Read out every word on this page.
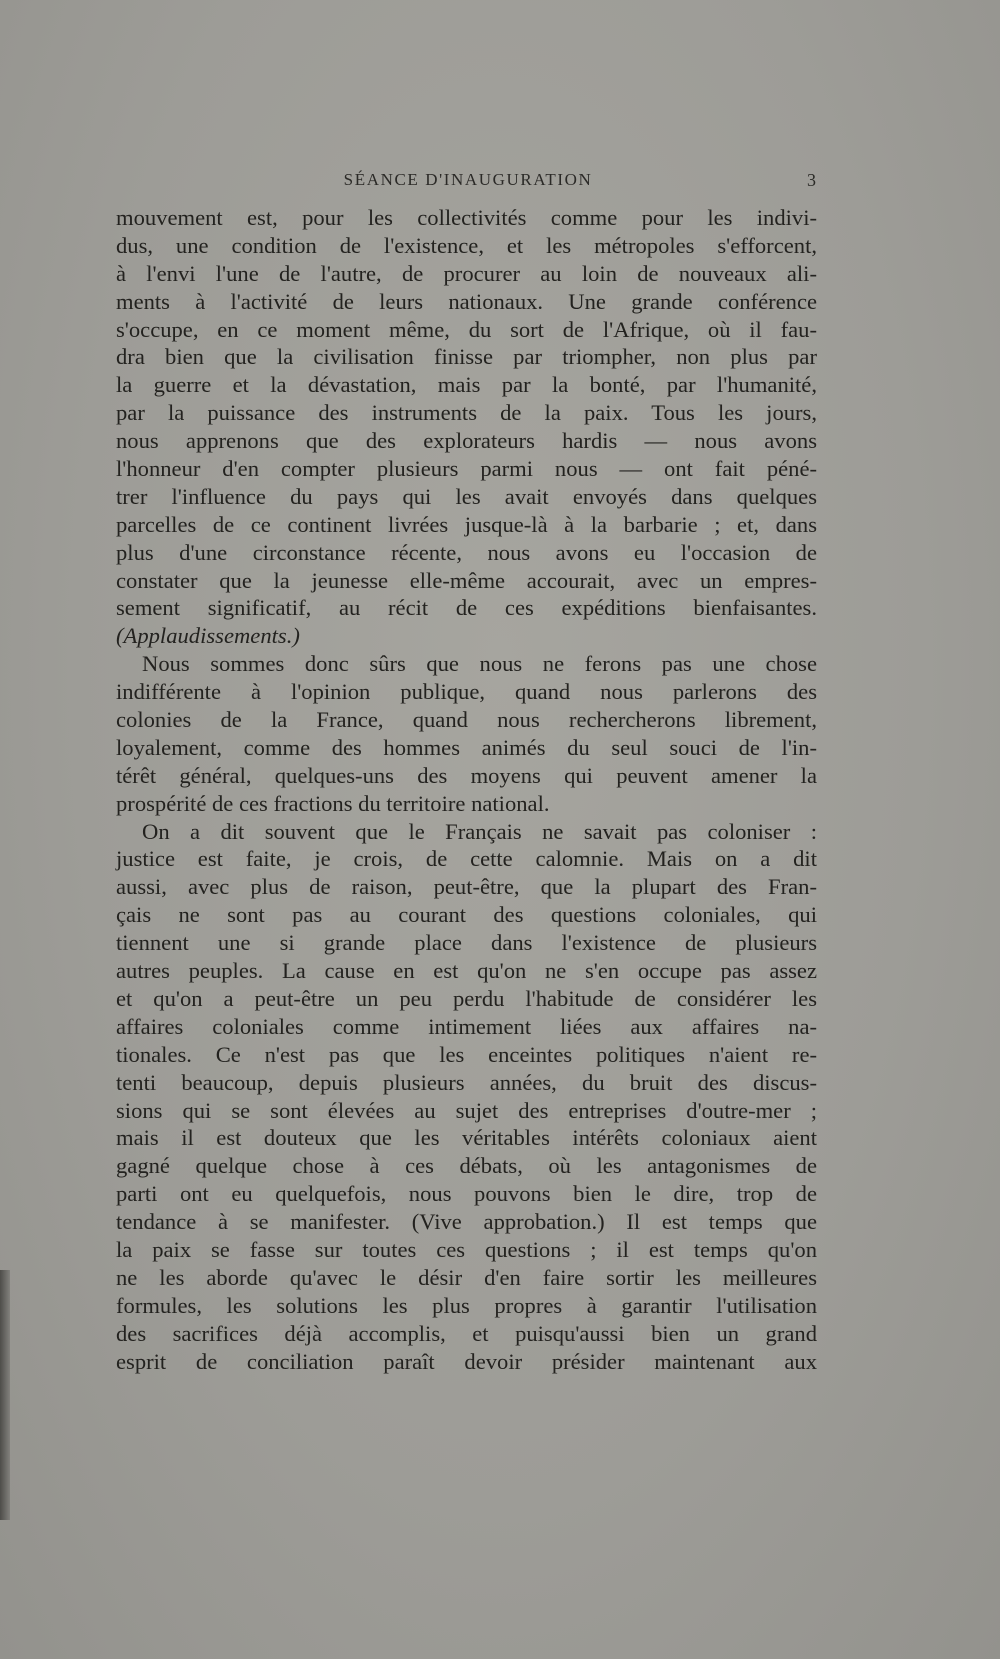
SÉANCE D'INAUGURATION	3
mouvement est, pour les collectivités comme pour les indivi-
dus, une condition de l'existence, et les métropoles s'efforcent,
à l'envi l'une de l'autre, de procurer au loin de nouveaux ali-
ments à l'activité de leurs nationaux. Une grande conférence
s'occupe, en ce moment même, du sort de l'Afrique, où il fau-
dra bien que la civilisation finisse par triompher, non plus par
la guerre et la dévastation, mais par la bonté, par l'humanité,
par la puissance des instruments de la paix. Tous les jours,
nous apprenons que des explorateurs hardis — nous avons
l'honneur d'en compter plusieurs parmi nous — ont fait péné-
trer l'influence du pays qui les avait envoyés dans quelques
parcelles de ce continent livrées jusque-là à la barbarie ; et, dans
plus d'une circonstance récente, nous avons eu l'occasion de
constater que la jeunesse elle-même accourait, avec un empres-
sement significatif, au récit de ces expéditions bienfaisantes.
(Applaudissements.)
Nous sommes donc sûrs que nous ne ferons pas une chose
indifférente à l'opinion publique, quand nous parlerons des
colonies de la France, quand nous rechercherons librement,
loyalement, comme des hommes animés du seul souci de l'in-
térêt général, quelques-uns des moyens qui peuvent amener la
prospérité de ces fractions du territoire national.
On a dit souvent que le Français ne savait pas coloniser :
justice est faite, je crois, de cette calomnie. Mais on a dit
aussi, avec plus de raison, peut-être, que la plupart des Fran-
çais ne sont pas au courant des questions coloniales, qui
tiennent une si grande place dans l'existence de plusieurs
autres peuples. La cause en est qu'on ne s'en occupe pas assez
et qu'on a peut-être un peu perdu l'habitude de considérer les
affaires coloniales comme intimement liées aux affaires na-
tionales. Ce n'est pas que les enceintes politiques n'aient re-
tenti beaucoup, depuis plusieurs années, du bruit des discus-
sions qui se sont élevées au sujet des entreprises d'outre-mer ;
mais il est douteux que les véritables intérêts coloniaux aient
gagné quelque chose à ces débats, où les antagonismes de
parti ont eu quelquefois, nous pouvons bien le dire, trop de
tendance à se manifester. (Vive approbation.) Il est temps que
la paix se fasse sur toutes ces questions ; il est temps qu'on
ne les aborde qu'avec le désir d'en faire sortir les meilleures
formules, les solutions les plus propres à garantir l'utilisation
des sacrifices déjà accomplis, et puisqu'aussi bien un grand
esprit de conciliation paraît devoir présider maintenant aux
